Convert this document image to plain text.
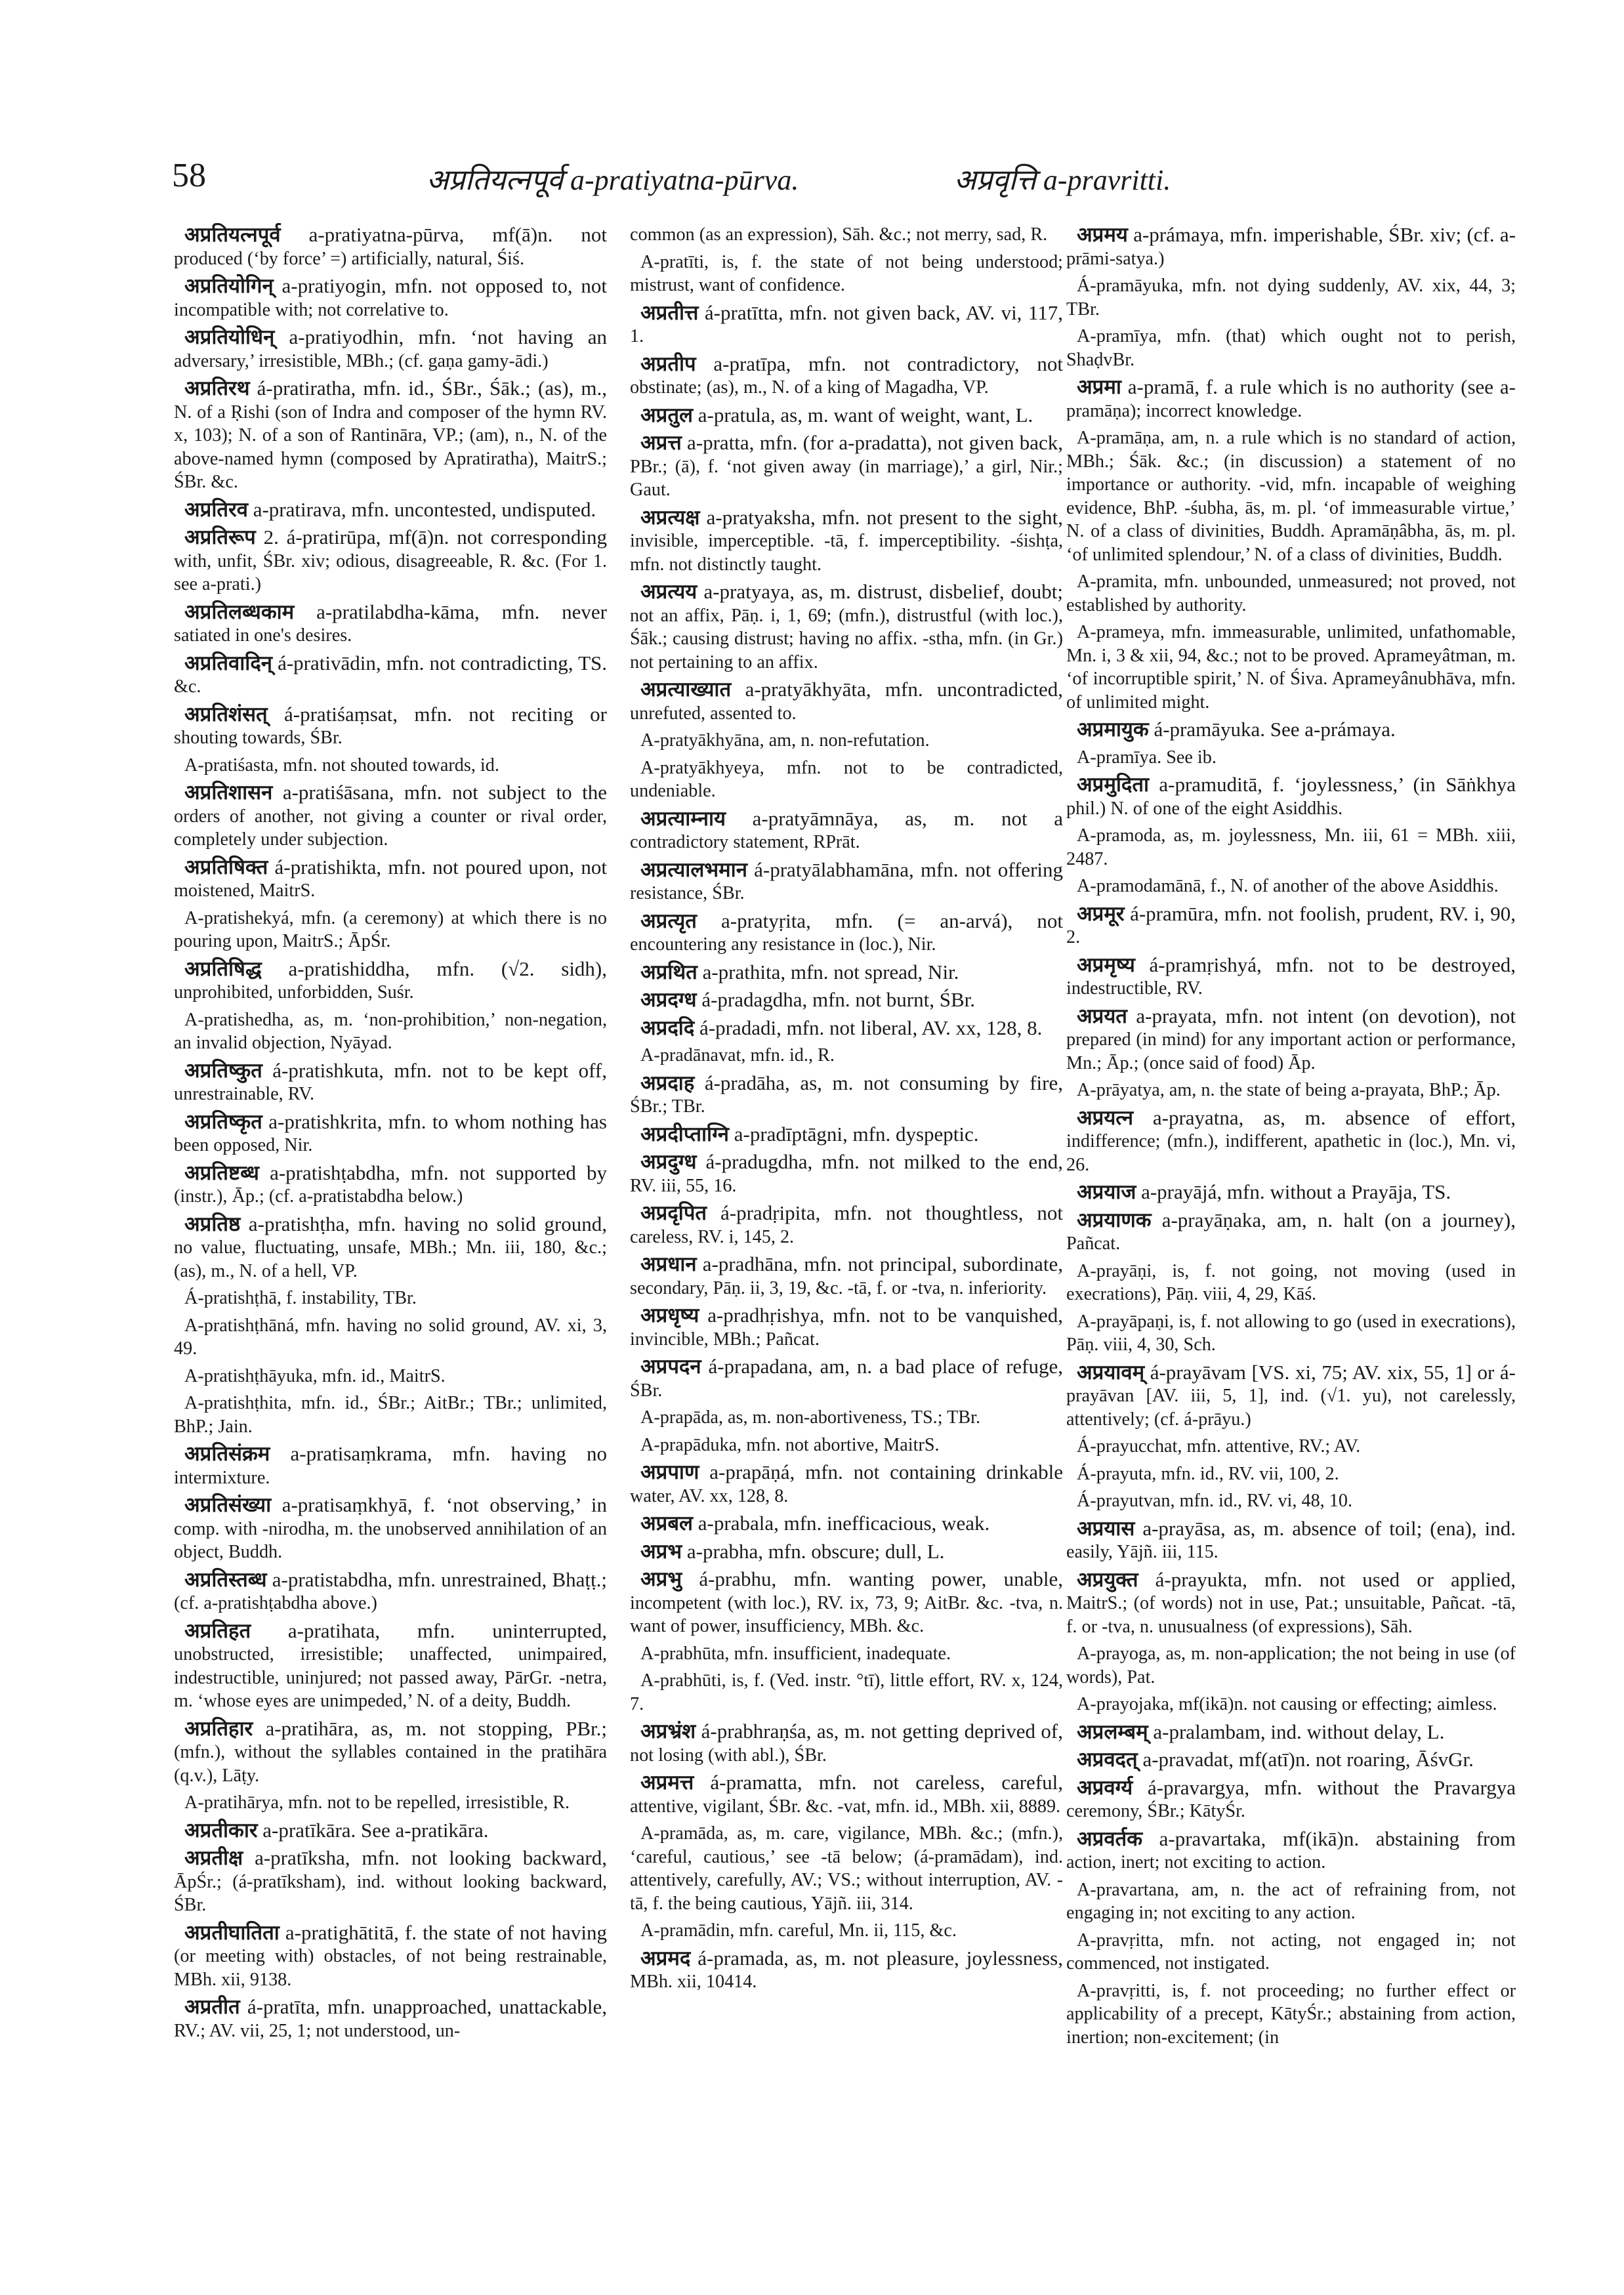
58	अप्रतियत्नपूर्व a-pratiyatna-pūrva.	अप्रवृत्ति a-pravritti.

अप्रतियत्नपूर्व a-pratiyatna-pūrva, mf(ā)n. not produced (‘by force’ =) artificially, natural, Śiś.

अप्रतियोगिन् a-pratiyogin, mfn. not opposed to, not incompatible with; not correlative to.

अप्रतियोधिन् a-pratiyodhin, mfn. ‘not having an adversary,’ irresistible, MBh.; (cf. gaṇa gamy-ādi.)

अप्रतिरथ á-pratiratha, mfn. id., ŚBr., Śāk.; (as), m., N. of a Ṛishi (son of Indra and composer of the hymn RV. x, 103); N. of a son of Rantināra, VP.; (am), n., N. of the above-named hymn (composed by Apratiratha), MaitrS.; ŚBr. &c.

अप्रतिरव a-pratirava, mfn. uncontested, undisputed.

अप्रतिरूप 2. á-pratirūpa, mf(ā)n. not corresponding with, unfit, ŚBr. xiv; odious, disagreeable, R. &c. (For 1. see a-prati.)

अप्रतिलब्धकाम a-pratilabdha-kāma, mfn. never satiated in one's desires.

अप्रतिवादिन् á-prativādin, mfn. not contradicting, TS. &c.

अप्रतिशंसत् á-pratiśaṃsat, mfn. not reciting or shouting towards, ŚBr.

A-pratiśasta, mfn. not shouted towards, id.

अप्रतिशासन a-pratiśāsana, mfn. not subject to the orders of another, not giving a counter or rival order, completely under subjection.

अप्रतिषिक्त á-pratishikta, mfn. not poured upon, not moistened, MaitrS.

A-pratishekyá, mfn. (a ceremony) at which there is no pouring upon, MaitrS.; ĀpŚr.

अप्रतिषिद्ध a-pratishiddha, mfn. (√2. sidh), unprohibited, unforbidden, Suśr.

A-pratishedha, as, m. ‘non-prohibition,’ non-negation, an invalid objection, Nyāyad.

अप्रतिष्कुत á-pratishkuta, mfn. not to be kept off, unrestrainable, RV.

अप्रतिष्कृत a-pratishkrita, mfn. to whom nothing has been opposed, Nir.

अप्रतिष्टब्ध a-pratishṭabdha, mfn. not supported by (instr.), Āp.; (cf. a-pratistabdha below.)

अप्रतिष्ठ a-pratishṭha, mfn. having no solid ground, no value, fluctuating, unsafe, MBh.; Mn. iii, 180, &c.; (as), m., N. of a hell, VP.

Á-pratishṭhā, f. instability, TBr.

A-pratishṭhāná, mfn. having no solid ground, AV. xi, 3, 49.

A-pratishṭhāyuka, mfn. id., MaitrS.

A-pratishṭhita, mfn. id., ŚBr.; AitBr.; TBr.; unlimited, BhP.; Jain.

अप्रतिसंक्रम a-pratisaṃkrama, mfn. having no intermixture.

अप्रतिसंख्या a-pratisaṃkhyā, f. ‘not observing,’ in comp. with -nirodha, m. the unobserved annihilation of an object, Buddh.

अप्रतिस्तब्ध a-pratistabdha, mfn. unrestrained, Bhaṭṭ.; (cf. a-pratishṭabdha above.)

अप्रतिहत a-pratihata, mfn. uninterrupted, unobstructed, irresistible; unaffected, unimpaired, indestructible, uninjured; not passed away, PārGr. -netra, m. ‘whose eyes are unimpeded,’ N. of a deity, Buddh.

अप्रतिहार a-pratihāra, as, m. not stopping, PBr.; (mfn.), without the syllables contained in the pratihāra (q.v.), Lāṭy.

A-pratihārya, mfn. not to be repelled, irresistible, R.

अप्रतीकार a-pratīkāra. See a-pratikāra.

अप्रतीक्ष a-pratīksha, mfn. not looking backward, ĀpŚr.; (á-pratīksham), ind. without looking backward, ŚBr.

अप्रतीघातिता a-pratighātitā, f. the state of not having (or meeting with) obstacles, of not being restrainable, MBh. xii, 9138.

अप्रतीत á-pratīta, mfn. unapproached, unattackable, RV.; AV. vii, 25, 1; not understood, un-

common (as an expression), Sāh. &c.; not merry, sad, R.

A-pratīti, is, f. the state of not being understood; mistrust, want of confidence.

अप्रतीत्त á-pratītta, mfn. not given back, AV. vi, 117, 1.

अप्रतीप a-pratīpa, mfn. not contradictory, not obstinate; (as), m., N. of a king of Magadha, VP.

अप्रतुल a-pratula, as, m. want of weight, want, L.

अप्रत्त a-pratta, mfn. (for a-pradatta), not given back, PBr.; (ā), f. ‘not given away (in marriage),’ a girl, Nir.; Gaut.

अप्रत्यक्ष a-pratyaksha, mfn. not present to the sight, invisible, imperceptible. -tā, f. imperceptibility. -śishṭa, mfn. not distinctly taught.

अप्रत्यय a-pratyaya, as, m. distrust, disbelief, doubt; not an affix, Pāṇ. i, 1, 69; (mfn.), distrustful (with loc.), Śāk.; causing distrust; having no affix. -stha, mfn. (in Gr.) not pertaining to an affix.

अप्रत्याख्यात a-pratyākhyāta, mfn. uncontradicted, unrefuted, assented to.

A-pratyākhyāna, am, n. non-refutation.

A-pratyākhyeya, mfn. not to be contradicted, undeniable.

अप्रत्याम्नाय a-pratyāmnāya, as, m. not a contradictory statement, RPrāt.

अप्रत्यालभमान á-pratyālabhamāna, mfn. not offering resistance, ŚBr.

अप्रत्यृत a-pratyṛita, mfn. (= an-arvá), not encountering any resistance in (loc.), Nir.

अप्रथित a-prathita, mfn. not spread, Nir.

अप्रदग्ध á-pradagdha, mfn. not burnt, ŚBr.

अप्रददि á-pradadi, mfn. not liberal, AV. xx, 128, 8.

A-pradānavat, mfn. id., R.

अप्रदाह á-pradāha, as, m. not consuming by fire, ŚBr.; TBr.

अप्रदीप्ताग्नि a-pradīptāgni, mfn. dyspeptic.

अप्रदुग्ध á-pradugdha, mfn. not milked to the end, RV. iii, 55, 16.

अप्रदृपित á-pradṛipita, mfn. not thoughtless, not careless, RV. i, 145, 2.

अप्रधान a-pradhāna, mfn. not principal, subordinate, secondary, Pāṇ. ii, 3, 19, &c. -tā, f. or -tva, n. inferiority.

अप्रधृष्य a-pradhṛishya, mfn. not to be vanquished, invincible, MBh.; Pañcat.

अप्रपदन á-prapadana, am, n. a bad place of refuge, ŚBr.

A-prapāda, as, m. non-abortiveness, TS.; TBr.

A-prapāduka, mfn. not abortive, MaitrS.

अप्रपाण a-prapāṇá, mfn. not containing drinkable water, AV. xx, 128, 8.

अप्रबल a-prabala, mfn. inefficacious, weak.

अप्रभ a-prabha, mfn. obscure; dull, L.

अप्रभु á-prabhu, mfn. wanting power, unable, incompetent (with loc.), RV. ix, 73, 9; AitBr. &c. -tva, n. want of power, insufficiency, MBh. &c.

A-prabhūta, mfn. insufficient, inadequate.

A-prabhūti, is, f. (Ved. instr. °tī), little effort, RV. x, 124, 7.

अप्रभ्रंश á-prabhraṇśa, as, m. not getting deprived of, not losing (with abl.), ŚBr.

अप्रमत्त á-pramatta, mfn. not careless, careful, attentive, vigilant, ŚBr. &c. -vat, mfn. id., MBh. xii, 8889.

A-pramāda, as, m. care, vigilance, MBh. &c.; (mfn.), ‘careful, cautious,’ see -tā below; (á-pramādam), ind. attentively, carefully, AV.; VS.; without interruption, AV. -tā, f. the being cautious, Yājñ. iii, 314.

A-pramādin, mfn. careful, Mn. ii, 115, &c.

अप्रमद á-pramada, as, m. not pleasure, joylessness, MBh. xii, 10414.

अप्रमय a-prámaya, mfn. imperishable, ŚBr. xiv; (cf. a-prāmi-satya.)

Á-pramāyuka, mfn. not dying suddenly, AV. xix, 44, 3; TBr.

A-pramīya, mfn. (that) which ought not to perish, ShaḍvBr.

अप्रमा a-pramā, f. a rule which is no authority (see a-pramāṇa); incorrect knowledge.

A-pramāṇa, am, n. a rule which is no standard of action, MBh.; Śāk. &c.; (in discussion) a statement of no importance or authority. -vid, mfn. incapable of weighing evidence, BhP. -śubha, ās, m. pl. ‘of immeasurable virtue,’ N. of a class of divinities, Buddh. Apramāṇâbha, ās, m. pl. ‘of unlimited splendour,’ N. of a class of divinities, Buddh.

A-pramita, mfn. unbounded, unmeasured; not proved, not established by authority.

A-prameya, mfn. immeasurable, unlimited, unfathomable, Mn. i, 3 & xii, 94, &c.; not to be proved. Aprameyâtman, m. ‘of incorruptible spirit,’ N. of Śiva. Aprameyânubhāva, mfn. of unlimited might.

अप्रमायुक á-pramāyuka. See a-prámaya.

A-pramīya. See ib.

अप्रमुदिता a-pramuditā, f. ‘joylessness,’ (in Sāṅkhya phil.) N. of one of the eight Asiddhis.

A-pramoda, as, m. joylessness, Mn. iii, 61 = MBh. xiii, 2487.

A-pramodamānā, f., N. of another of the above Asiddhis.

अप्रमूर á-pramūra, mfn. not foolish, prudent, RV. i, 90, 2.

अप्रमृष्य á-pramṛishyá, mfn. not to be destroyed, indestructible, RV.

अप्रयत a-prayata, mfn. not intent (on devotion), not prepared (in mind) for any important action or performance, Mn.; Āp.; (once said of food) Āp.

A-prāyatya, am, n. the state of being a-prayata, BhP.; Āp.

अप्रयत्न a-prayatna, as, m. absence of effort, indifference; (mfn.), indifferent, apathetic in (loc.), Mn. vi, 26.

अप्रयाज a-prayājá, mfn. without a Prayāja, TS.

अप्रयाणक a-prayāṇaka, am, n. halt (on a journey), Pañcat.

A-prayāṇi, is, f. not going, not moving (used in execrations), Pāṇ. viii, 4, 29, Kāś.

A-prayāpaṇi, is, f. not allowing to go (used in execrations), Pāṇ. viii, 4, 30, Sch.

अप्रयावम् á-prayāvam [VS. xi, 75; AV. xix, 55, 1] or á-prayāvan [AV. iii, 5, 1], ind. (√1. yu), not carelessly, attentively; (cf. á-prāyu.)

Á-prayucchat, mfn. attentive, RV.; AV.

Á-prayuta, mfn. id., RV. vii, 100, 2.

Á-prayutvan, mfn. id., RV. vi, 48, 10.

अप्रयास a-prayāsa, as, m. absence of toil; (ena), ind. easily, Yājñ. iii, 115.

अप्रयुक्त á-prayukta, mfn. not used or applied, MaitrS.; (of words) not in use, Pat.; unsuitable, Pañcat. -tā, f. or -tva, n. unusualness (of expressions), Sāh.

A-prayoga, as, m. non-application; the not being in use (of words), Pat.

A-prayojaka, mf(ikā)n. not causing or effecting; aimless.

अप्रलम्बम् a-pralambam, ind. without delay, L.

अप्रवदत् a-pravadat, mf(atī)n. not roaring, ĀśvGr.

अप्रवर्ग्य á-pravargya, mfn. without the Pravargya ceremony, ŚBr.; KātyŚr.

अप्रवर्तक a-pravartaka, mf(ikā)n. abstaining from action, inert; not exciting to action.

A-pravartana, am, n. the act of refraining from, not engaging in; not exciting to any action.

A-pravṛitta, mfn. not acting, not engaged in; not commenced, not instigated.

A-pravṛitti, is, f. not proceeding; no further effect or applicability of a precept, KātyŚr.; abstaining from action, inertion; non-excitement; (in
